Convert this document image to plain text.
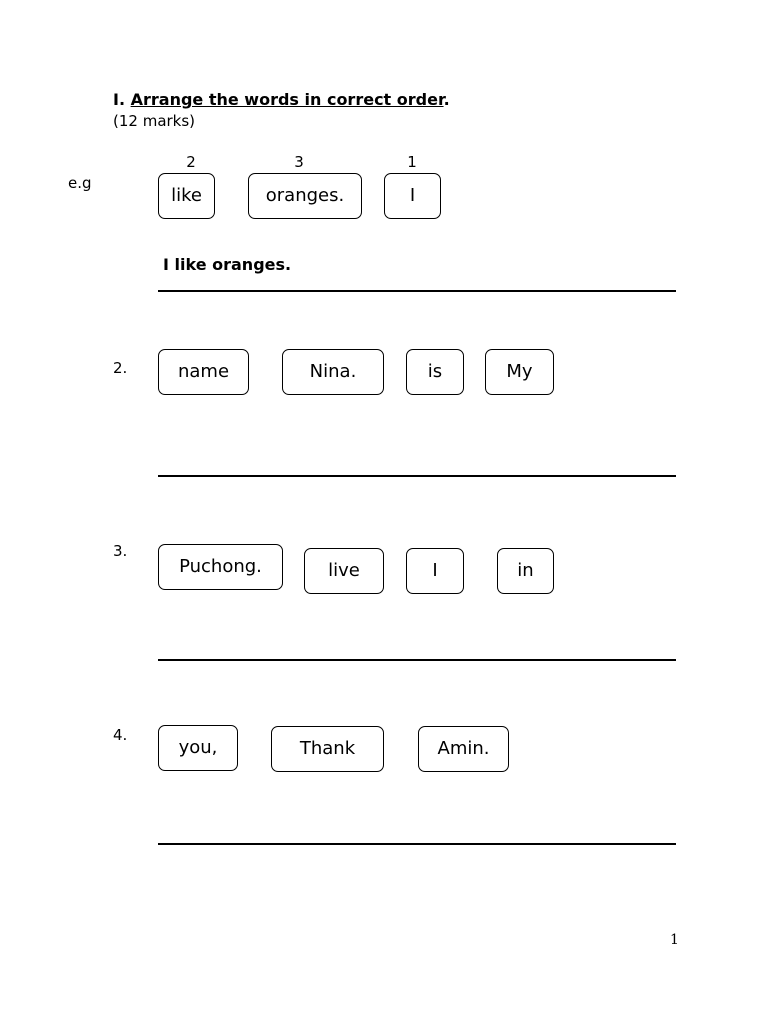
I. Arrange the words in correct order.
(12 marks)
e.g
2	3	1
like	oranges.	I
I like oranges.
2.	name	Nina.	is	My
3.
Puchong.	live	I	in
4.
you,	Thank	Amin.
1
